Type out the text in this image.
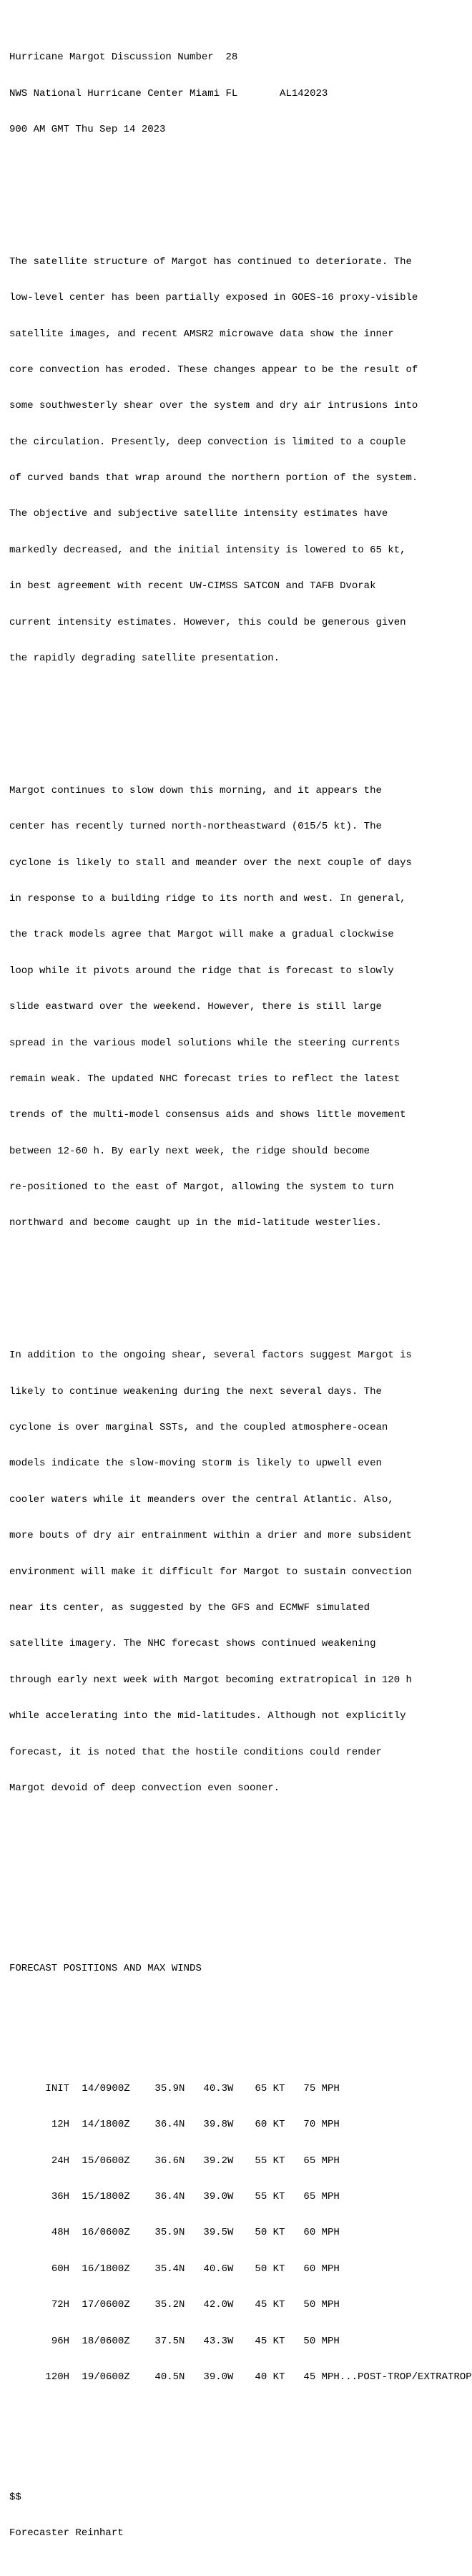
Hurricane Margot Discussion Number  28

NWS National Hurricane Center Miami FL       AL142023

900 AM GMT Thu Sep 14 2023

The satellite structure of Margot has continued to deteriorate. The

low-level center has been partially exposed in GOES-16 proxy-visible

satellite images, and recent AMSR2 microwave data show the inner

core convection has eroded. These changes appear to be the result of

some southwesterly shear over the system and dry air intrusions into

the circulation. Presently, deep convection is limited to a couple

of curved bands that wrap around the northern portion of the system.

The objective and subjective satellite intensity estimates have

markedly decreased, and the initial intensity is lowered to 65 kt,

in best agreement with recent UW-CIMSS SATCON and TAFB Dvorak

current intensity estimates. However, this could be generous given

the rapidly degrading satellite presentation.

Margot continues to slow down this morning, and it appears the

center has recently turned north-northeastward (015/5 kt). The

cyclone is likely to stall and meander over the next couple of days

in response to a building ridge to its north and west. In general,

the track models agree that Margot will make a gradual clockwise

loop while it pivots around the ridge that is forecast to slowly

slide eastward over the weekend. However, there is still large

spread in the various model solutions while the steering currents

remain weak. The updated NHC forecast tries to reflect the latest

trends of the multi-model consensus aids and shows little movement

between 12-60 h. By early next week, the ridge should become

re-positioned to the east of Margot, allowing the system to turn

northward and become caught up in the mid-latitude westerlies.

In addition to the ongoing shear, several factors suggest Margot is

likely to continue weakening during the next several days. The

cyclone is over marginal SSTs, and the coupled atmosphere-ocean

models indicate the slow-moving storm is likely to upwell even

cooler waters while it meanders over the central Atlantic. Also,

more bouts of dry air entrainment within a drier and more subsident

environment will make it difficult for Margot to sustain convection

near its center, as suggested by the GFS and ECMWF simulated

satellite imagery. The NHC forecast shows continued weakening

through early next week with Margot becoming extratropical in 120 h

while accelerating into the mid-latitudes. Although not explicitly

forecast, it is noted that the hostile conditions could render

Margot devoid of deep convection even sooner.

FORECAST POSITIONS AND MAX WINDS

INIT 14/0900Z 35.9N 40.3W 65 KT 75 MPH

12H 14/1800Z 36.4N 39.8W 60 KT 70 MPH

24H 15/0600Z 36.6N 39.2W 55 KT 65 MPH

36H 15/1800Z 36.4N 39.0W 55 KT 65 MPH

48H 16/0600Z 35.9N 39.5W 50 KT 60 MPH

60H 16/1800Z 35.4N 40.6W 50 KT 60 MPH

72H 17/0600Z 35.2N 42.0W 45 KT 50 MPH

96H 18/0600Z 37.5N 43.3W 45 KT 50 MPH

120H 19/0600Z 40.5N 39.0W 40 KT 45 MPH...POST-TROP/EXTRATROP

$$

Forecaster Reinhart
